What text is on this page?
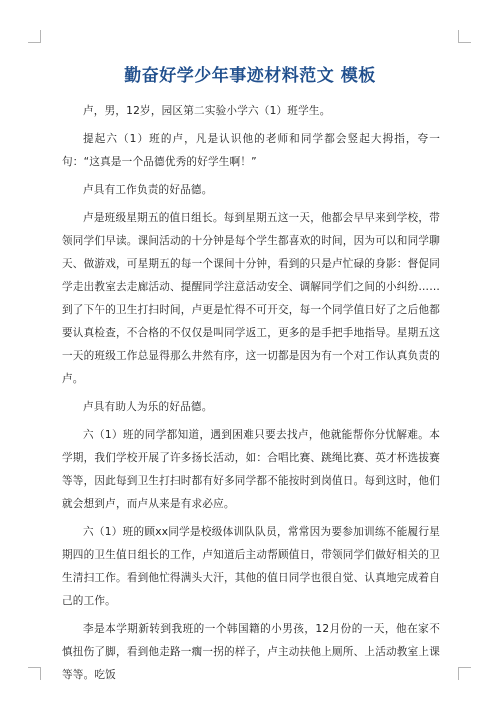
勤奋好学少年事迹材料范文 模板

卢，男，12岁，园区第二实验小学六（1）班学生。

提起六（1）班的卢，凡是认识他的老师和同学都会竖起大拇指，夸一句：“这真是一个品德优秀的好学生啊！”

卢具有工作负责的好品德。

卢是班级星期五的值日组长。每到星期五这一天，他都会早早来到学校，带领同学们早读。课间活动的十分钟是每个学生都喜欢的时间，因为可以和同学聊天、做游戏，可星期五的每一个课间十分钟，看到的只是卢忙碌的身影：督促同学走出教室去走廊活动、提醒同学注意活动安全、调解同学们之间的小纠纷……到了下午的卫生打扫时间，卢更是忙得不可开交，每一个同学值日好了之后他都要认真检查，不合格的不仅仅是叫同学返工，更多的是手把手地指导。星期五这一天的班级工作总显得那么井然有序，这一切都是因为有一个对工作认真负责的卢。

卢具有助人为乐的好品德。

六（1）班的同学都知道，遇到困难只要去找卢，他就能帮你分忧解难。本学期，我们学校开展了许多扬长活动，如：合唱比赛、跳绳比赛、英才杯选拔赛等等，因此每到卫生打扫时都有好多同学都不能按时到岗值日。每到这时，他们就会想到卢，而卢从来是有求必应。

六（1）班的顾xx同学是校级体训队队员，常常因为要参加训练不能履行星期四的卫生值日组长的工作，卢知道后主动帮顾值日，带领同学们做好相关的卫生清扫工作。看到他忙得满头大汗，其他的值日同学也很自觉、认真地完成着自己的工作。

李是本学期新转到我班的一个韩国籍的小男孩，12月份的一天，他在家不慎扭伤了脚，看到他走路一瘸一拐的样子，卢主动扶他上厕所、上活动教室上课等等。吃饭
